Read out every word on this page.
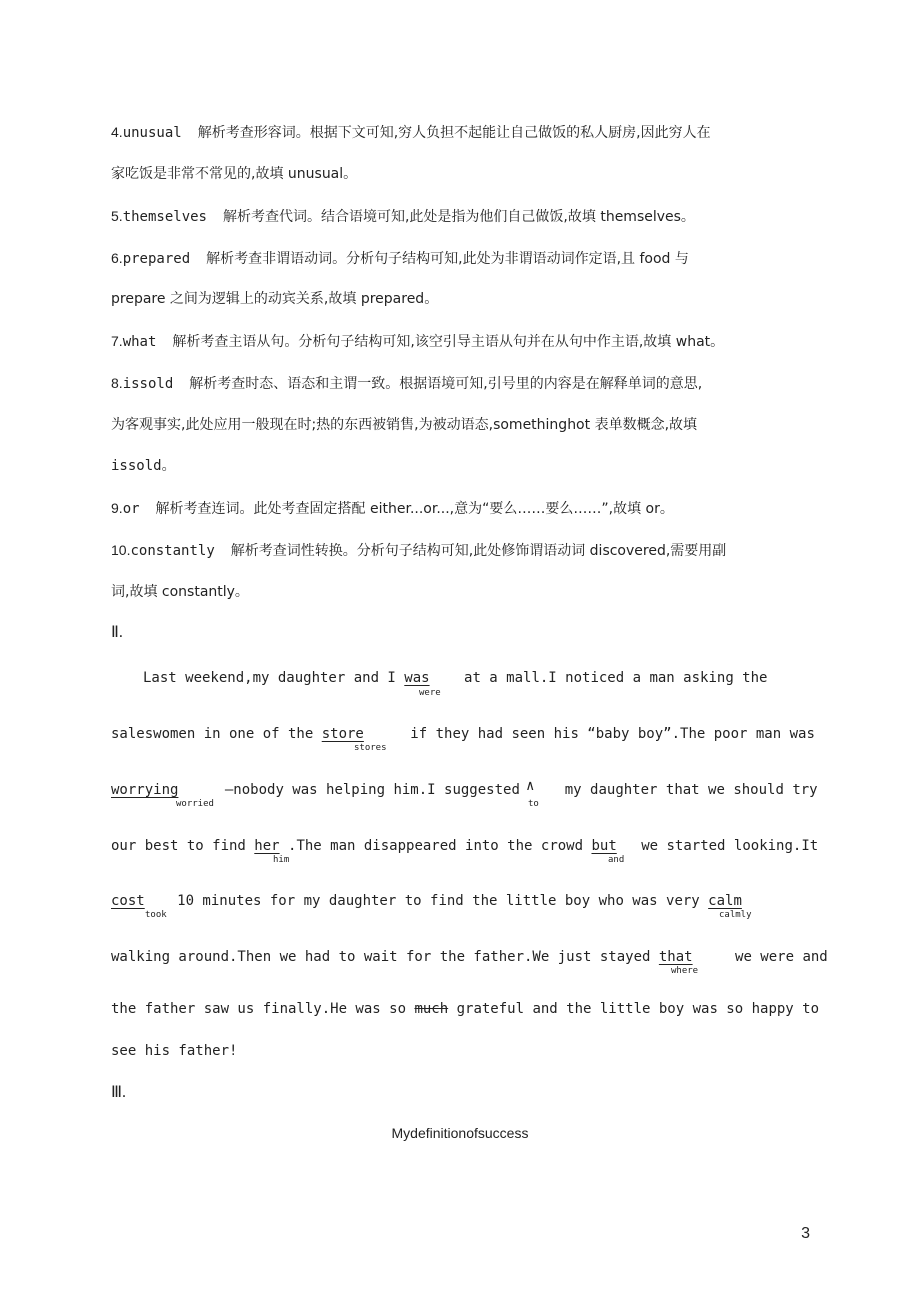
4.unusual 解析考查形容词。根据下文可知,穷人负担不起能让自己做饭的私人厨房,因此穷人在
家吃饭是非常不常见的,故填 unusual。
5.themselves 解析考查代词。结合语境可知,此处是指为他们自己做饭,故填 themselves。
6.prepared 解析考查非谓语动词。分析句子结构可知,此处为非谓语动词作定语,且 food 与
prepare 之间为逻辑上的动宾关系,故填 prepared。
7.what 解析考查主语从句。分析句子结构可知,该空引导主语从句并在从句中作主语,故填 what。
8.issold 解析考查时态、语态和主谓一致。根据语境可知,引号里的内容是在解释单词的意思,
为客观事实,此处应用一般现在时;热的东西被销售,为被动语态,somethinghot 表单数概念,故填
issold。
9.or 解析考查连词。此处考查固定搭配 either...or...,意为“要么……要么……”,故填 or。
10.constantly 解析考查词性转换。分析句子结构可知,此处修饰谓语动词 discovered,需要用副
词,故填 constantly。
Ⅱ.
Last weekend,my daughter and I was at a mall.I noticed a man asking the
were
saleswomen in one of the store	if they had seen his “baby boy”.The poor man was
stores
worrying	—nobody was helping him.I suggested  my daughter that we should try
∧
worried	to
our best to find her .The man disappeared into the crowd but we started looking.It
him	and
cost 10 minutes for my daughter to find the little boy who was very calm
took	calmly
walking around.Then we had to wait for the father.We just stayed that we were and
where
the father saw us finally.He was so much grateful and the little boy was so happy to
see his father!
Ⅲ.
Mydefinitionofsuccess
3
